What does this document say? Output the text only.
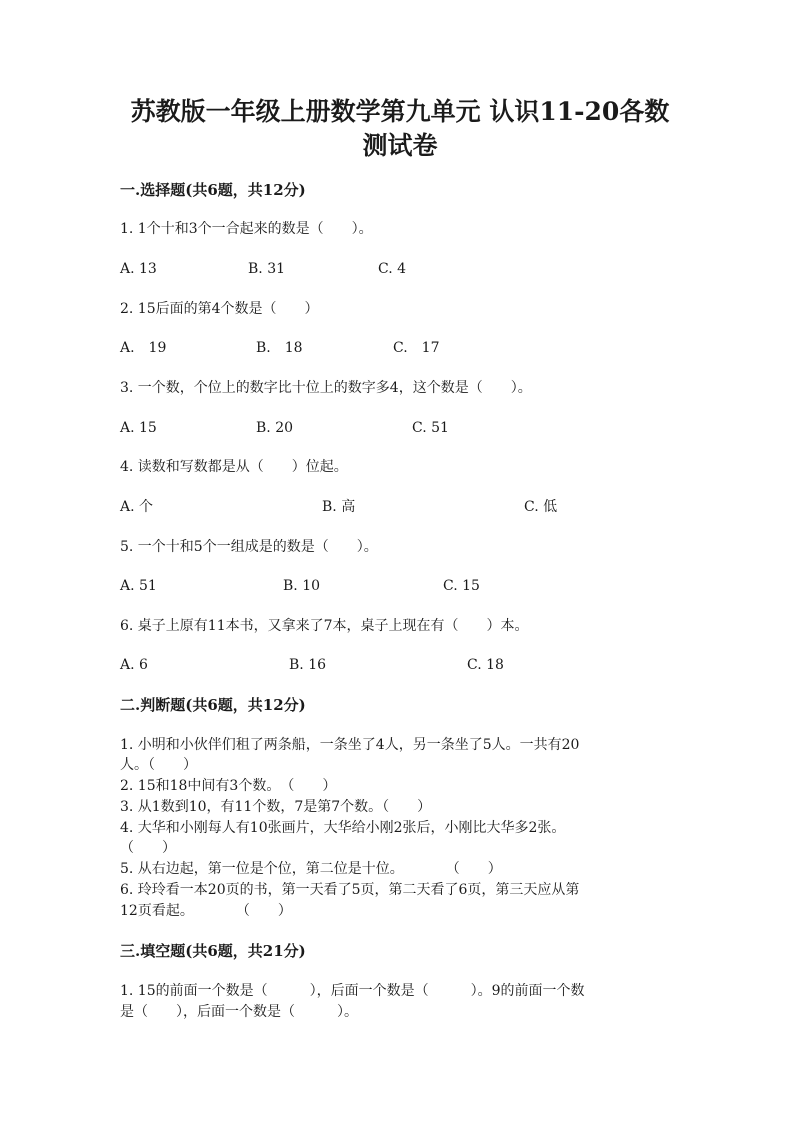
苏教版一年级上册数学第九单元 认识11-20各数
测试卷
一.选择题(共6题，共12分)
1. 1个十和3个一合起来的数是（　　）。
A. 13	B. 31	C. 4
2. 15后面的第4个数是（　　）
A.　19	B.　18	C.　17
3. 一个数，个位上的数字比十位上的数字多4，这个数是（　　）。
A. 15	B. 20	C. 51
4. 读数和写数都是从（　　）位起。
A. 个	B. 高	C. 低
5. 一个十和5个一组成是的数是（　　）。
A. 51	B. 10	C. 15
6. 桌子上原有11本书，又拿来了7本，桌子上现在有（　　）本。
A. 6	B. 16	C. 18
二.判断题(共6题，共12分)
1. 小明和小伙伴们租了两条船，一条坐了4人，另一条坐了5人。一共有20
人。（　　）
2. 15和18中间有3个数。　（　　）
3. 从1数到10，有11个数，7是第7个数。（　　）
4. 大华和小刚每人有10张画片，大华给小刚2张后，小刚比大华多2张。
（　　）
5. 从右边起，第一位是个位，第二位是十位。　　　　（　　）
6. 玲玲看一本20页的书，第一天看了5页，第二天看了6页，第三天应从第
12页看起。　　　　（　　）
三.填空题(共6题，共21分)
1. 15的前面一个数是（　　　），后面一个数是（　　　）。9的前面一个数
是（　　），后面一个数是（　　　）。
